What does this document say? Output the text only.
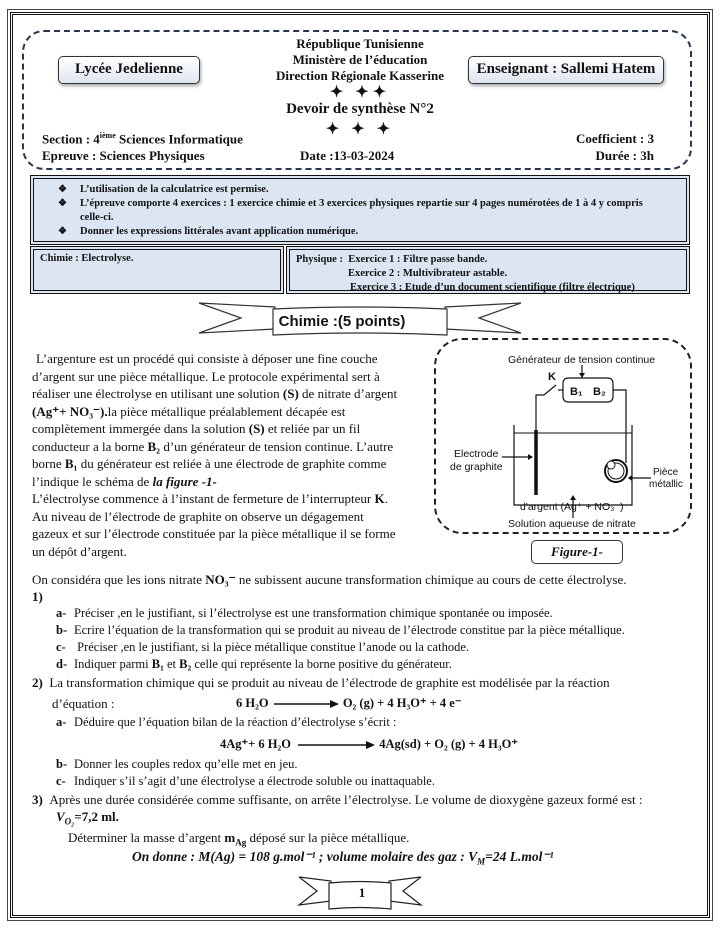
Lycée Jedelienne	Enseignant : Sallemi Hatem
République Tunisienne
Ministère de l’éducation
Direction Régionale Kasserine
✦ ✦✦
Devoir de synthèse N°2
✦ ✦ ✦
Section : 4ième Sciences Informatique
Epreuve : Sciences Physiques	Date :13-03-2024
Coefficient : 3
Durée : 3h
❖	L’utilisation de la calculatrice est permise.
❖	L’épreuve comporte 4 exercices : 1 exercice chimie et 3 exercices physiques repartie sur 4 pages numérotées de 1 à 4 y compris celle-ci.
❖	Donner les expressions littérales avant application numérique.
Chimie : Electrolyse.	Physique : Exercice 1 : Filtre passe bande.
Exercice 2 : Multivibrateur astable.
Exercice 3 : Etude d’un document scientifique (filtre électrique)
Chimie :(5 points)
L’argenture est un procédé qui consiste à déposer une fine couche d’argent sur une pièce métallique. Le protocole expérimental sert à réaliser une électrolyse en utilisant une solution (S) de nitrate d’argent (Ag⁺+ NO₃⁻).la pièce métallique préalablement décapée est complètement immergée dans la solution (S) et reliée par un fil conducteur a la borne B₂ d’un générateur de tension continue. L’autre borne B₁ du générateur est reliée à une électrode de graphite comme l’indique le schéma de la figure -1-
L’électrolyse commence à l’instant de fermeture de l’interrupteur K.
Au niveau de l’électrode de graphite on observe un dégagement gazeux et sur l’électrode constituée par la pièce métallique il se forme un dépôt d’argent.
Générateur de tension continue
B₁ B₂
K
Electrode
de graphite	Pièce
métallic
Solution aqueuse de nitrate
d'argent (Ag⁺ + NO₃⁻)
Figure-1-
On considéra que les ions nitrate NO₃⁻ ne subissent aucune transformation chimique au cours de cette électrolyse.
1)
a- Préciser ,en le justifiant, si l’électrolyse est une transformation chimique spontanée ou imposée.
b- Ecrire l’équation de la transformation qui se produit au niveau de l’électrode constitue par la pièce métallique.
c- Préciser ,en le justifiant, si la pièce métallique constitue l’anode ou la cathode.
d- Indiquer parmi B₁ et B₂ celle qui représente la borne positive du générateur.
2) La transformation chimique qui se produit au niveau de l’électrode de graphite est modélisée par la réaction
d’équation :	6 H₂O	O₂ (g) + 4 H₃O⁺ + 4 e⁻
a- Déduire que l’équation bilan de la réaction d’électrolyse s’écrit :
4Ag⁺+ 6 H₂O	4Ag(sd) + O₂ (g) + 4 H₃O⁺
b- Donner les couples redox qu’elle met en jeu.
c- Indiquer s’il s’agit d’une électrolyse a électrode soluble ou inattaquable.
3) Après une durée considérée comme suffisante, on arrête l’électrolyse. Le volume de dioxygène gazeux formé est :
$V_{O_2}=7,2$ ml.
Déterminer la masse d’argent $m_{Ag}$ déposé sur la pièce métallique.
On donne : M(Ag) = 108 g.mol⁻¹ ; volume molaire des gaz : $V_M=24$ L.mol⁻¹
1
